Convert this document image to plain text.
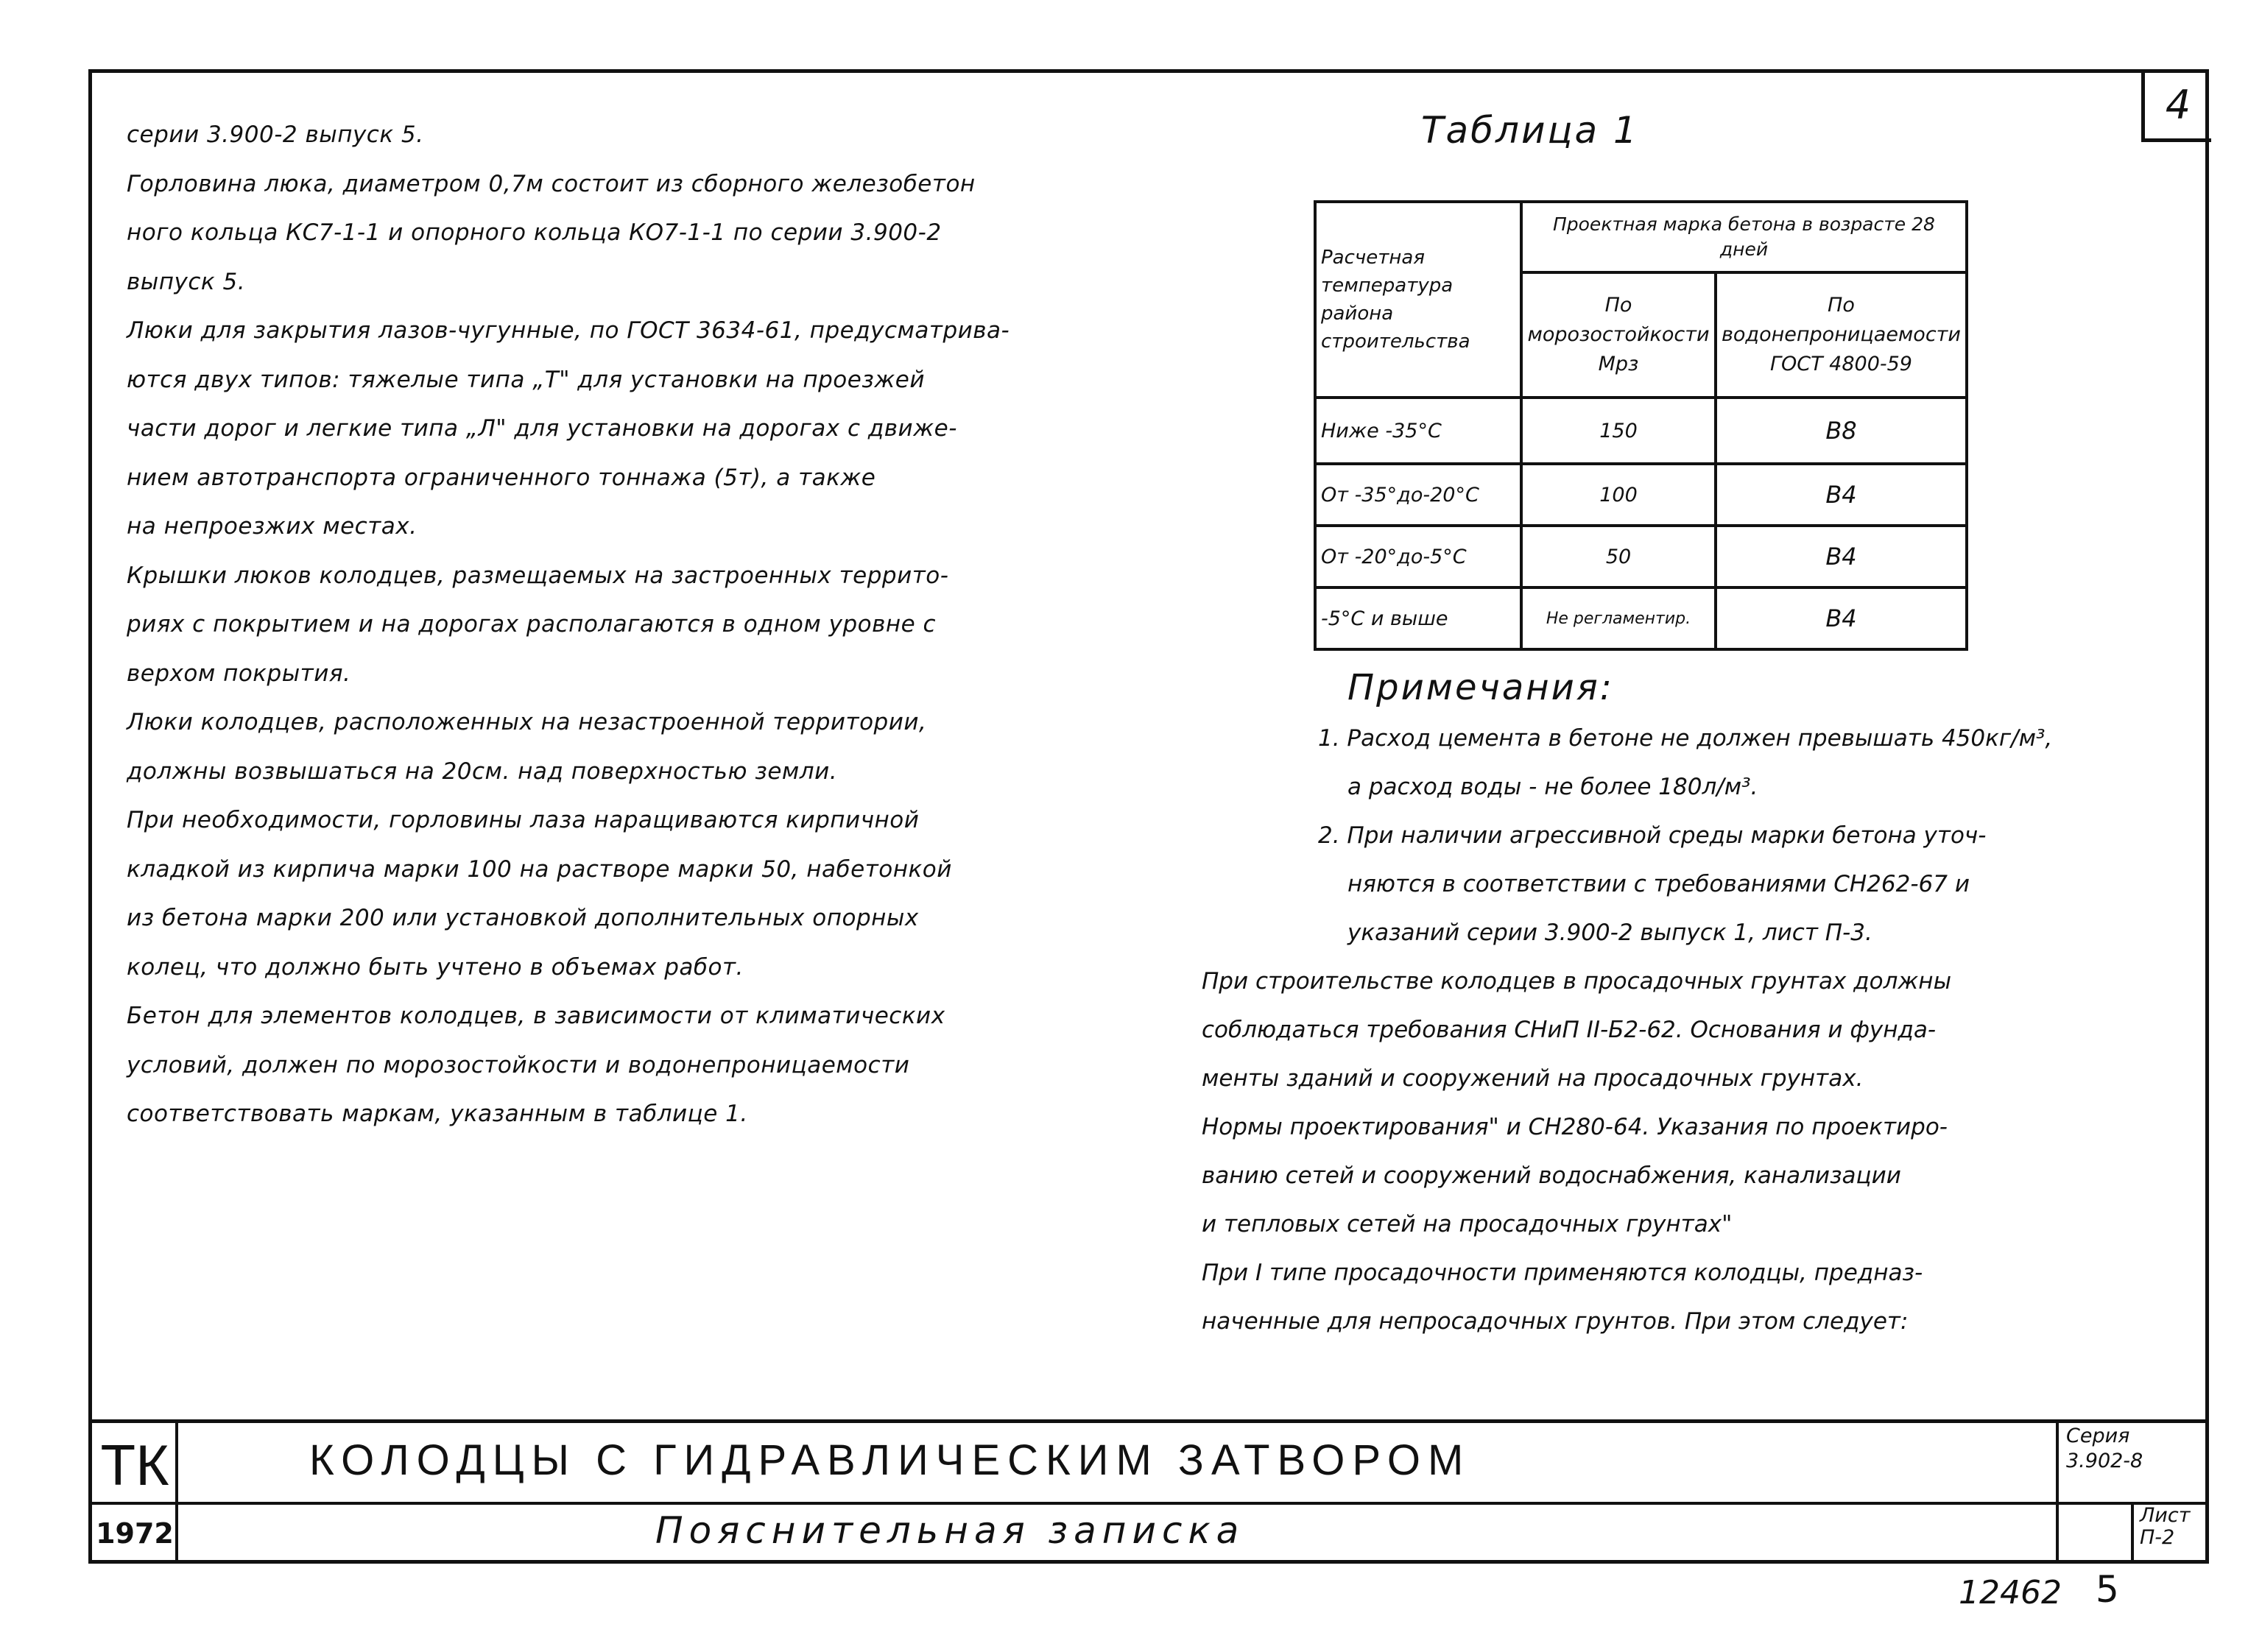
4

серии 3.900-2 выпуск 5.

Горловина люка, диаметром 0,7м состоит из сборного железобетон

ного кольца КС7-1-1 и опорного кольца КО7-1-1 по серии 3.900-2

выпуск 5.

Люки для закрытия лазов-чугунные, по ГОСТ 3634-61, предусматрива-

ются двух типов: тяжелые типа „Т" для установки на проезжей

части дорог и легкие типа „Л" для установки на дорогах с движе-

нием автотранспорта ограниченного тоннажа (5т), а также

на непроезжих местах.

Крышки люков колодцев, размещаемых на застроенных террито-

риях с покрытием и на дорогах располагаются в одном уровне с

верхом покрытия.

Люки колодцев, расположенных на незастроенной территории,

должны возвышаться на 20см. над поверхностью земли.

При необходимости, горловины лаза наращиваются кирпичной

кладкой из кирпича марки 100 на растворе марки 50, набетонкой

из бетона марки 200 или установкой дополнительных опорных

колец, что должно быть учтено в объемах работ.

Бетон для элементов колодцев, в зависимости от климатических

условий, должен по морозостойкости и водонепроницаемости

соответствовать маркам, указанным в таблице 1.

Таблица 1
Расчетная температура района строительства	Проектная марка бетона в возрасте 28 дней	
	По морозостойкости Мрз	По водонепроницаемости ГОСТ 4800-59
Ниже -35°С	150	В8
От -35°до-20°С	100	В4
От -20°до-5°С	50	В4
-5°С и выше	Не регламентир.	В4
Примечания:

1. Расход цемента в бетоне не должен превышать 450кг/м³,

а расход воды - не более 180л/м³.

2. При наличии агрессивной среды марки бетона уточ-

няются в соответствии с требованиями СН262-67 и

указаний серии 3.900-2 выпуск 1, лист П-3.

При строительстве колодцев в просадочных грунтах должны

соблюдаться требования СНиП II-Б2-62. Основания и фунда-

менты зданий и сооружений на просадочных грунтах.

Нормы проектирования" и СН280-64. Указания по проектиро-

ванию сетей и сооружений водоснабжения, канализации

и тепловых сетей на просадочных грунтах"

При I типе просадочности применяются колодцы, предназ-

наченные для непросадочных грунтов. При этом следует:

ТК
1972
КОЛОДЦЫ С ГИДРАВЛИЧЕСКИМ ЗАТВОРОМ
Пояснительная записка
Серия
3.902-8
Лист
П-2
12462 5
